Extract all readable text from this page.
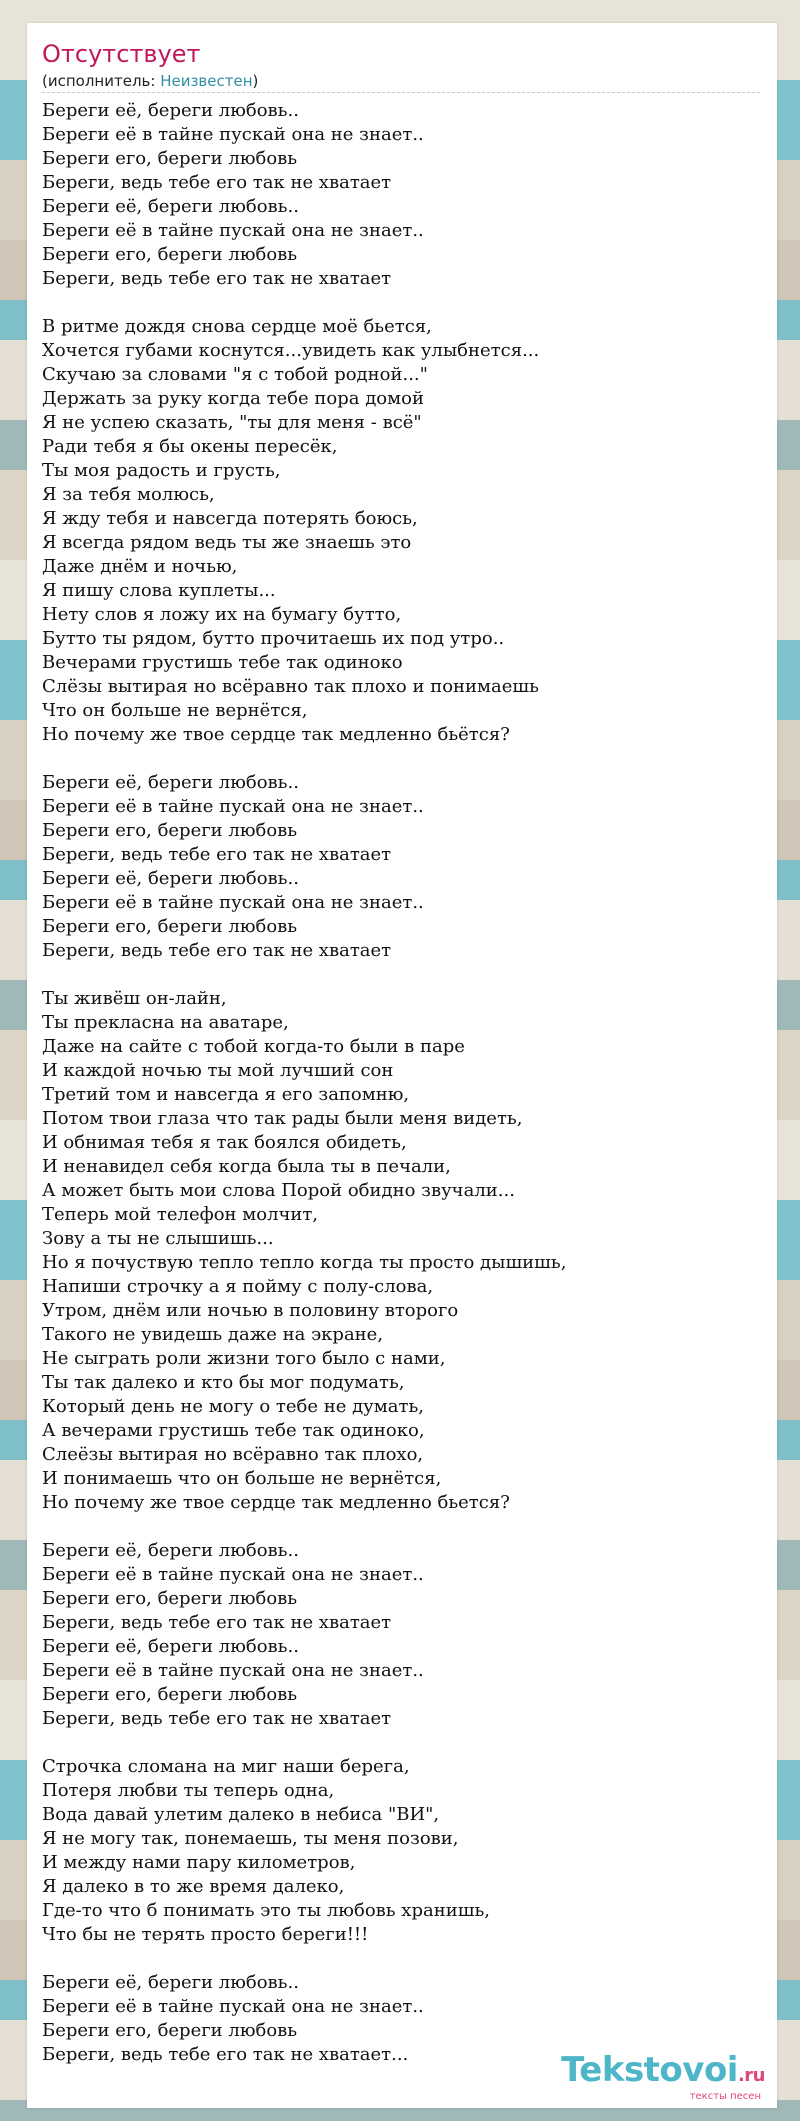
Отсутствует
(исполнитель: Неизвестен)
Береги её, береги любовь..
Береги её в тайне пускай она не знает..
Береги его, береги любовь
Береги, ведь тебе его так не хватает
Береги её, береги любовь..
Береги её в тайне пускай она не знает..
Береги его, береги любовь
Береги, ведь тебе его так не хватает

В ритме дождя снова сердце моё бьется,
Хочется губами коснутся...увидеть как улыбнется...
Скучаю за словами "я с тобой родной..."
Держать за руку когда тебе пора домой
Я не успею сказать, "ты для меня - всё"
Ради тебя я бы окены пересёк,
Ты моя радость и грусть,
Я за тебя молюсь,
Я жду тебя и навсегда потерять боюсь,
Я всегда рядом ведь ты же знаешь это
Даже днём и ночью,
Я пишу слова куплеты...
Нету слов я ложу их на бумагу бутто,
Бутто ты рядом, бутто прочитаешь их под утро..
Вечерами грустишь тебе так одиноко
Слёзы вытирая но всёравно так плохо и понимаешь
Что он больше не вернётся,
Но почему же твое сердце так медленно бьётся?

Береги её, береги любовь..
Береги её в тайне пускай она не знает..
Береги его, береги любовь
Береги, ведь тебе его так не хватает
Береги её, береги любовь..
Береги её в тайне пускай она не знает..
Береги его, береги любовь
Береги, ведь тебе его так не хватает

Ты живёш он-лайн,
Ты прекласна на аватаре,
Даже на сайте с тобой когда-то были в паре
И каждой ночью ты мой лучший сон
Третий том и навсегда я его запомню,
Потом твои глаза что так рады были меня видеть,
И обнимая тебя я так боялся обидеть,
И ненавидел себя когда была ты в печали,
А может быть мои слова Порой обидно звучали...
Теперь мой телефон молчит,
Зову а ты не слышишь...
Но я почуствую тепло тепло когда ты просто дышишь,
Напиши строчку а я пойму с полу-слова,
Утром, днём или ночью в половину второго
Такого не увидешь даже на экране,
Не сыграть роли жизни того было с нами,
Ты так далеко и кто бы мог подумать,
Который день не могу о тебе не думать,
А вечерами грустишь тебе так одиноко,
Слеёзы вытирая но всёравно так плохо,
И понимаешь что он больше не вернётся,
Но почему же твое сердце так медленно бьется?

Береги её, береги любовь..
Береги её в тайне пускай она не знает..
Береги его, береги любовь
Береги, ведь тебе его так не хватает
Береги её, береги любовь..
Береги её в тайне пускай она не знает..
Береги его, береги любовь
Береги, ведь тебе его так не хватает

Строчка сломана на миг наши берега,
Потеря любви ты теперь одна,
Вода давай улетим далеко в небиса "ВИ",
Я не могу так, понемаешь, ты меня позови,
И между нами пару километров,
Я далеко в то же время далеко,
Где-то что б понимать это ты любовь хранишь,
Что бы не терять просто береги!!!

Береги её, береги любовь..
Береги её в тайне пускай она не знает..
Береги его, береги любовь
Береги, ведь тебе его так не хватает...	Tekstovoi.ru
тексты песен
